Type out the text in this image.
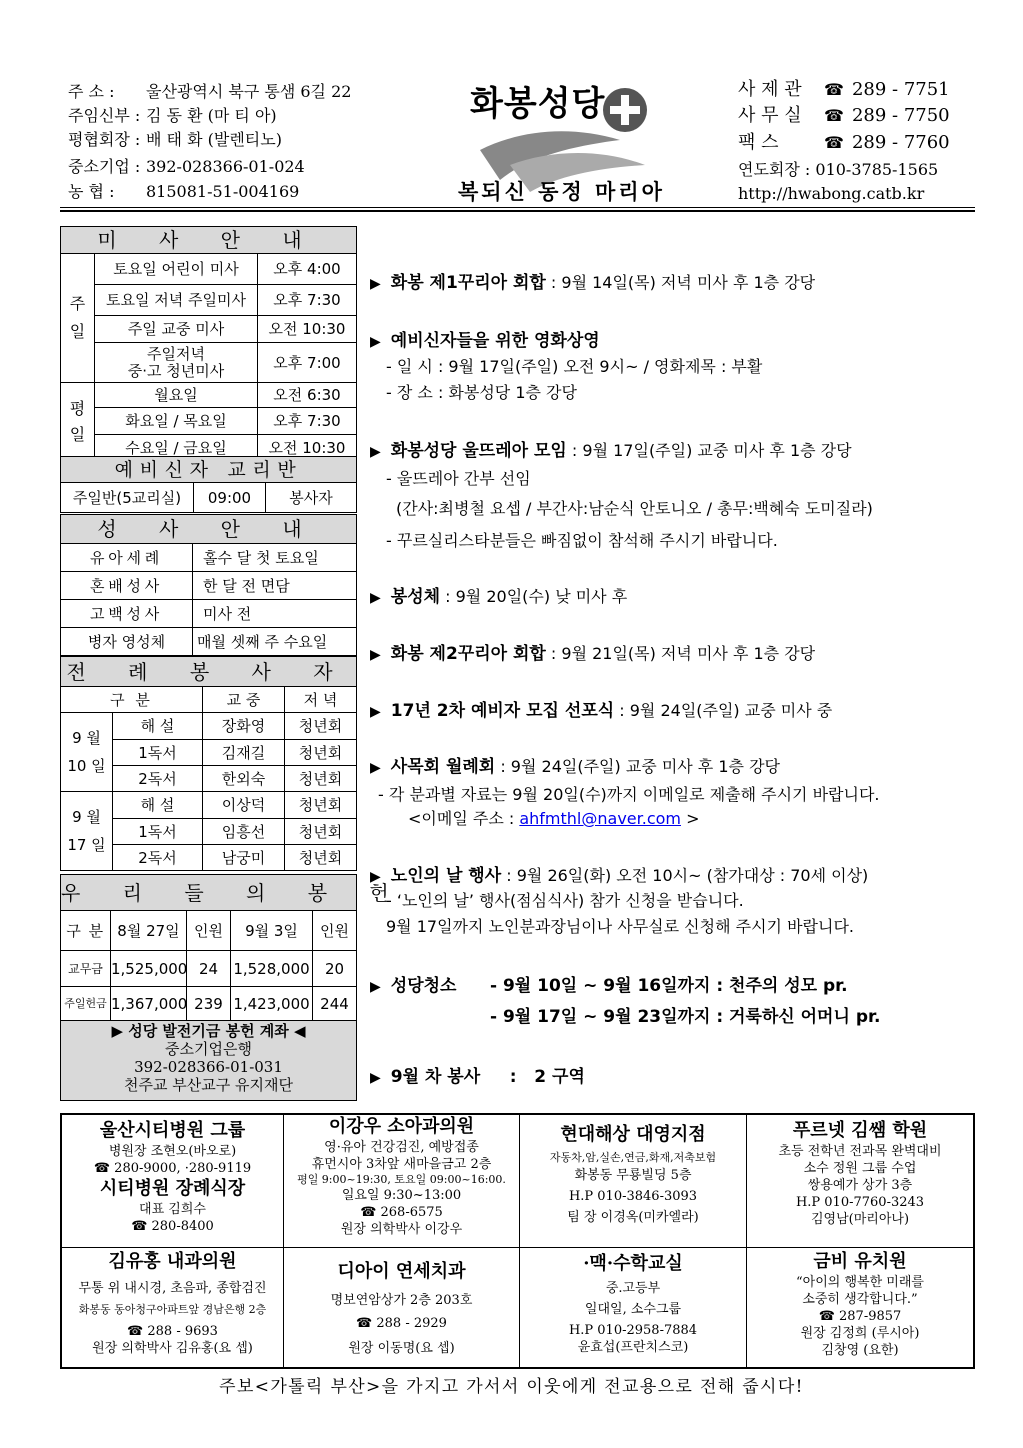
주 소 : 울산광역시 북구 통샘 6길 22
주임신부 : 김 동 환 (마 티 아)
평협회장 : 배 태 화 (발렌티노)
중소기업 : 392-028366-01-024
농 협 : 815081-51-004169
화봉성당
복되신 동정 마리아
사 제 관 ☎ 289 - 7751
사 무 실 ☎ 289 - 7750
팩 스	☎ 289 - 7760
연도회장 : 010-3785-1565
http://hwabong.catb.kr
미 사 안 내		
주일	토요일 어린이 미사	오후 4:00
	토요일 저녁 주일미사	오후 7:30
	주일 교중 미사	오전 10:30
	주일저녁
중·고 청년미사	오후 7:00
평일	월요일	오전 6:30
	화요일 / 목요일	오후 7:30
	수요일 / 금요일	오전 10:30
예비신자 교리반
주일반(5교리실)	09:00	봉사자
성 사 안 내	
유아세례	홀수 달 첫 토요일
혼배성사	한 달 전 면담
고백성사	미사 전
병자 영성체	매월 셋째 주 수요일
전 례 봉 사 자			
구 분		교 중	저 녁
9 월
10 일	해 설	장화영	청년회
	1독서	김재길	청년회
	2독서	한외숙	청년회
9 월
17 일	해 설	이상덕	청년회
	1독서	임흥선	청년회
	2독서	남궁미	청년회
우 리 들 의 봉 헌				
구 분	8월 27일	인원	9월 3일	인원
교무금	1,525,000	24	1,528,000	20
주일헌금	1,367,000	239	1,423,000	244

▶ 성당 발전기금 봉헌 계좌 ◀
중소기업은행
392-028366-01-031
천주교 부산교구 유지재단				
▶ 화봉 제1꾸리아 회합 : 9월 14일(목) 저녁 미사 후 1층 강당
▶ 예비신자들을 위한 영화상영
- 일 시 : 9월 17일(주일) 오전 9시~ / 영화제목 : 부활
- 장 소 : 화봉성당 1층 강당
▶ 화봉성당 울뜨레아 모임 : 9월 17일(주일) 교중 미사 후 1층 강당
- 울뜨레아 간부 선임
(간사:최병철 요셉 / 부간사:남순식 안토니오 / 총무:백혜숙 도미질라)
- 꾸르실리스타분들은 빠짐없이 참석해 주시기 바랍니다.
▶ 봉성체 : 9월 20일(수) 낮 미사 후
▶ 화봉 제2꾸리아 회합 : 9월 21일(목) 저녁 미사 후 1층 강당
▶ 17년 2차 예비자 모집 선포식 : 9월 24일(주일) 교중 미사 중
▶ 사목회 월례회 : 9월 24일(주일) 교중 미사 후 1층 강당
- 각 분과별 자료는 9월 20일(수)까지 이메일로 제출해 주시기 바랍니다.
<이메일 주소 : ahfmthl@naver.com >
▶ 노인의 날 행사 : 9월 26일(화) 오전 10시~ (참가대상 : 70세 이상)
- ‘노인의 날’ 행사(점심식사) 참가 신청을 받습니다.
9월 17일까지 노인분과장님이나 사무실로 신청해 주시기 바랍니다.
▶ 성당청소 - 9월 10일 ~ 9월 16일까지 : 천주의 성모 pr.
- 9월 17일 ~ 9월 23일까지 : 거룩하신 어머니 pr.
▶ 9월 차 봉사     :   2 구역
울산시티병원 그룹
병원장 조현오(바오로)
☎ 280-9000, ·280-9119
시티병원 장례식장
대표 김희수
☎ 280-8400
이강우 소아과의원
영·유아 건강검진, 예방접종
휴먼시아 3차앞 새마을금고 2층
평일 9:00~19:30, 토요일 09:00~16:00.
일요일 9:30~13:00
☎ 268-6575
원장 의학박사 이강우
현대해상 대영지점
자동차,암,실손,연금,화재,저축보험
화봉동 무룡빌딩 5층
H.P 010-3846-3093
팀 장 이경옥(미카엘라)
푸르넷 김쌤 학원
초등 전학년 전과목 완벽대비
소수 정원 그룹 수업
쌍용예가 상가 3층
H.P 010-7760-3243
김영남(마리아나)
김유홍 내과의원
무통 위 내시경, 초음파, 종합검진
화봉동 동아청구아파트앞 경남은행 2층
☎ 288 - 9693
원장 의학박사 김유홍(요 셉)
디아이 연세치과
명보연암상가 2층 203호
☎ 288 - 2929
원장 이동명(요 셉)
·맥·수학교실
중.고등부
일대일, 소수그룹
H.P 010-2958-7884
윤효섭(프란치스코)
금비 유치원
“아이의 행복한 미래를
소중히 생각합니다.”
☎ 287-9857
원장 김정희 (루시아)
김창영 (요한)
주보<가톨릭 부산>을 가지고 가서서 이웃에게 전교용으로 전해 줍시다!
